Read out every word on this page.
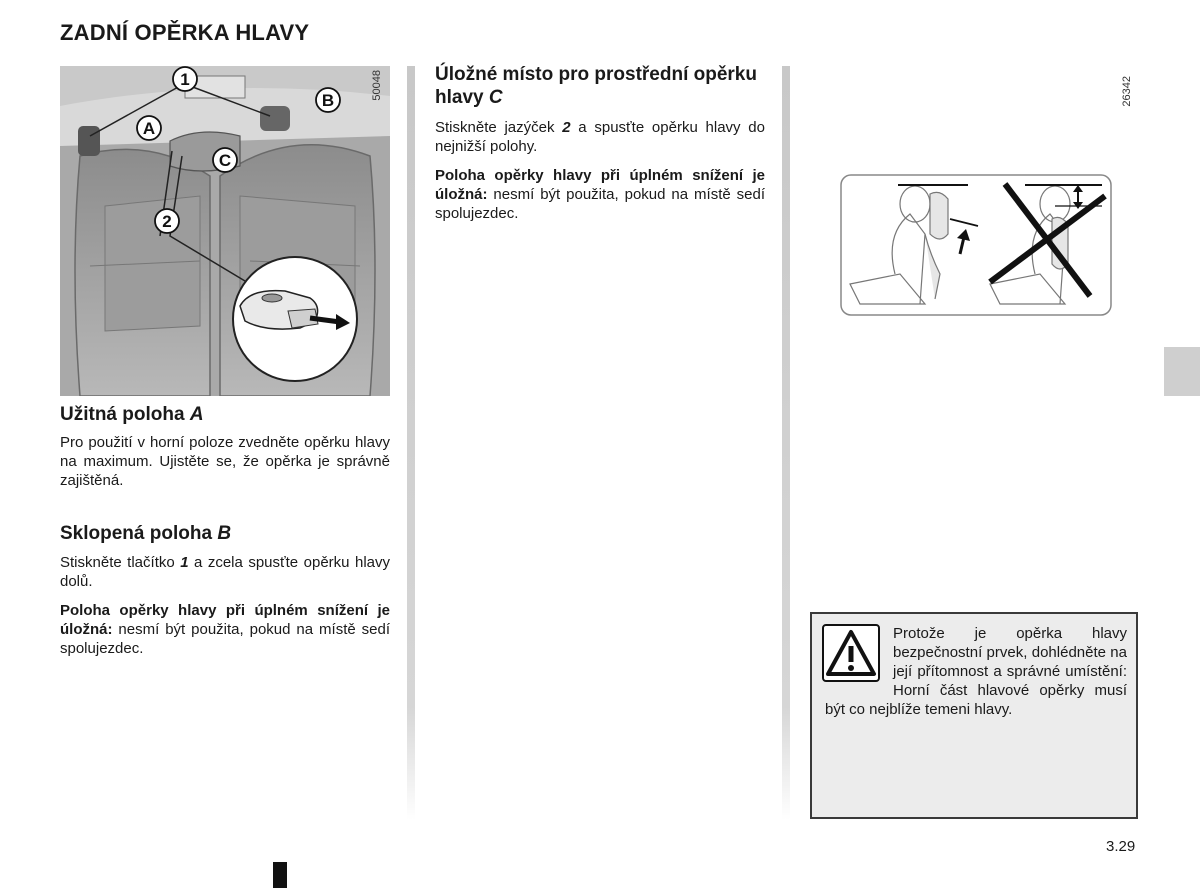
ZADNÍ OPĚRKA HLAVY
1
A
B
C
2
50048
Užitná poloha A
Pro použití v horní poloze zvedněte opěrku hlavy na maximum. Ujistěte se, že opěrka je správně zajištěná.
Sklopená poloha B
Stiskněte tlačítko 1 a zcela spusťte opěrku hlavy dolů.
Poloha opěrky hlavy při úplném snížení je úložná: nesmí být použita, pokud na místě sedí spolujezdec.
Úložné místo pro prostřední opěrku hlavy C
Stiskněte jazýček 2 a spusťte opěrku hlavy do nejnižší polohy.
Poloha opěrky hlavy při úplném snížení je úložná: nesmí být použita, pokud na místě sedí spolujezdec.
26342
Protože je opěrka hlavy bezpečnostní prvek, dohlédněte na její přítomnost a správné umístění: Horní část hlavové opěrky musí být co nejblíže temeni hlavy.
3.29
